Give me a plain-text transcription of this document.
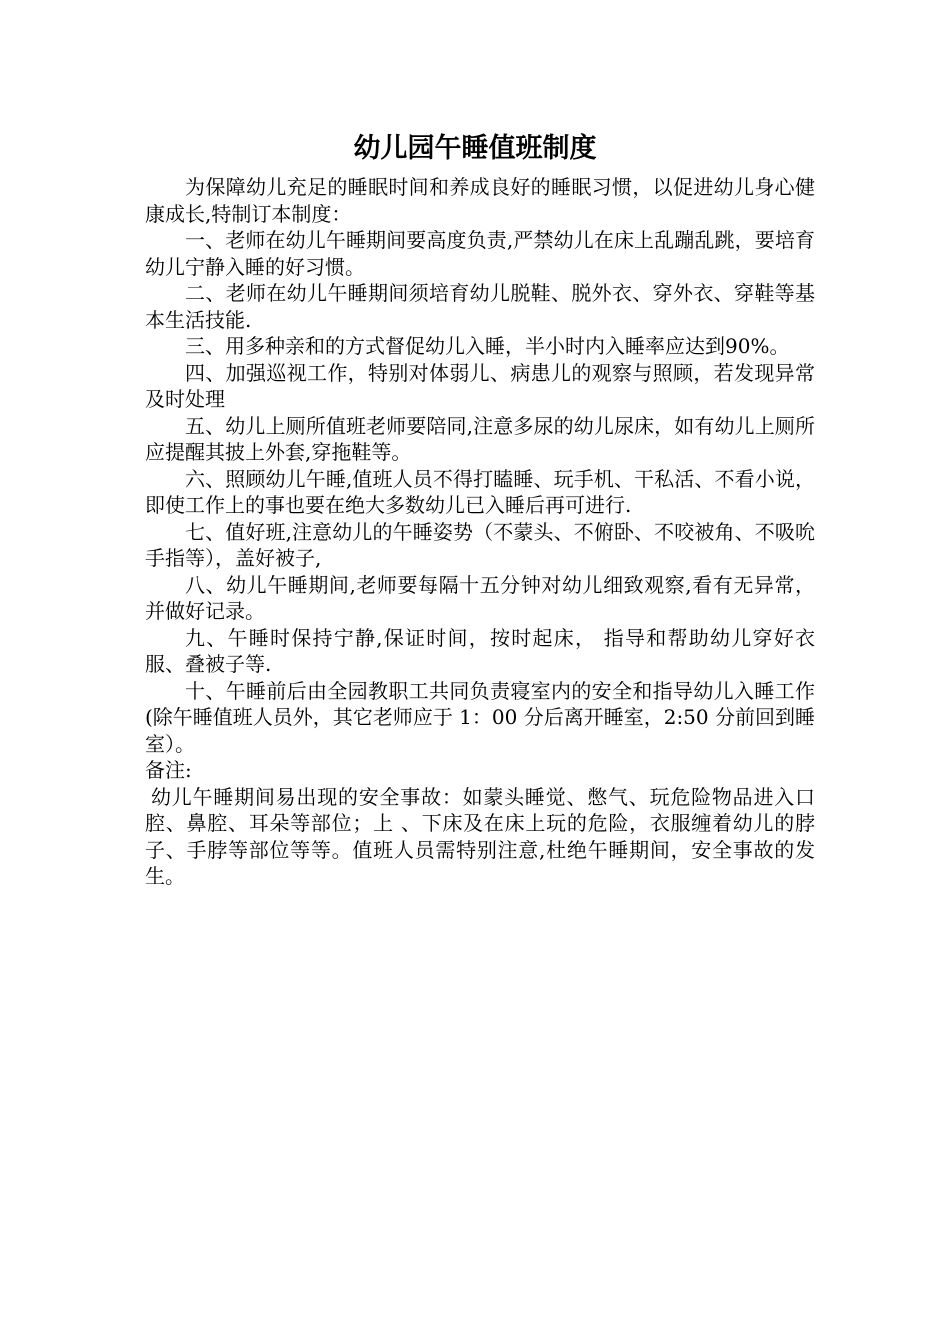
幼儿园午睡值班制度

为保障幼儿充足的睡眠时间和养成良好的睡眠习惯，以促进幼儿身心健康成长,特制订本制度：

一、老师在幼儿午睡期间要高度负责,严禁幼儿在床上乱蹦乱跳，要培育幼儿宁静入睡的好习惯。

二、老师在幼儿午睡期间须培育幼儿脱鞋、脱外衣、穿外衣、穿鞋等基本生活技能.

三、用多种亲和的方式督促幼儿入睡，半小时内入睡率应达到90%。

四、加强巡视工作，特别对体弱儿、病患儿的观察与照顾，若发现异常及时处理

五、幼儿上厕所值班老师要陪同,注意多尿的幼儿尿床，如有幼儿上厕所应提醒其披上外套,穿拖鞋等。

六、照顾幼儿午睡,值班人员不得打瞌睡、玩手机、干私活、不看小说，即使工作上的事也要在绝大多数幼儿已入睡后再可进行.

七、值好班,注意幼儿的午睡姿势（不蒙头、不俯卧、不咬被角、不吸吮手指等），盖好被子,

八、幼儿午睡期间,老师要每隔十五分钟对幼儿细致观察,看有无异常，并做好记录。

九、午睡时保持宁静,保证时间，按时起床， 指导和帮助幼儿穿好衣服、叠被子等.

十、午睡前后由全园教职工共同负责寝室内的安全和指导幼儿入睡工作(除午睡值班人员外，其它老师应于 1：00 分后离开睡室，2:50 分前回到睡室）。

备注:

幼儿午睡期间易出现的安全事故：如蒙头睡觉、憋气、玩危险物品进入口腔、鼻腔、耳朵等部位；上 、下床及在床上玩的危险，衣服缠着幼儿的脖子、手脖等部位等等。值班人员需特别注意,杜绝午睡期间，安全事故的发生。
